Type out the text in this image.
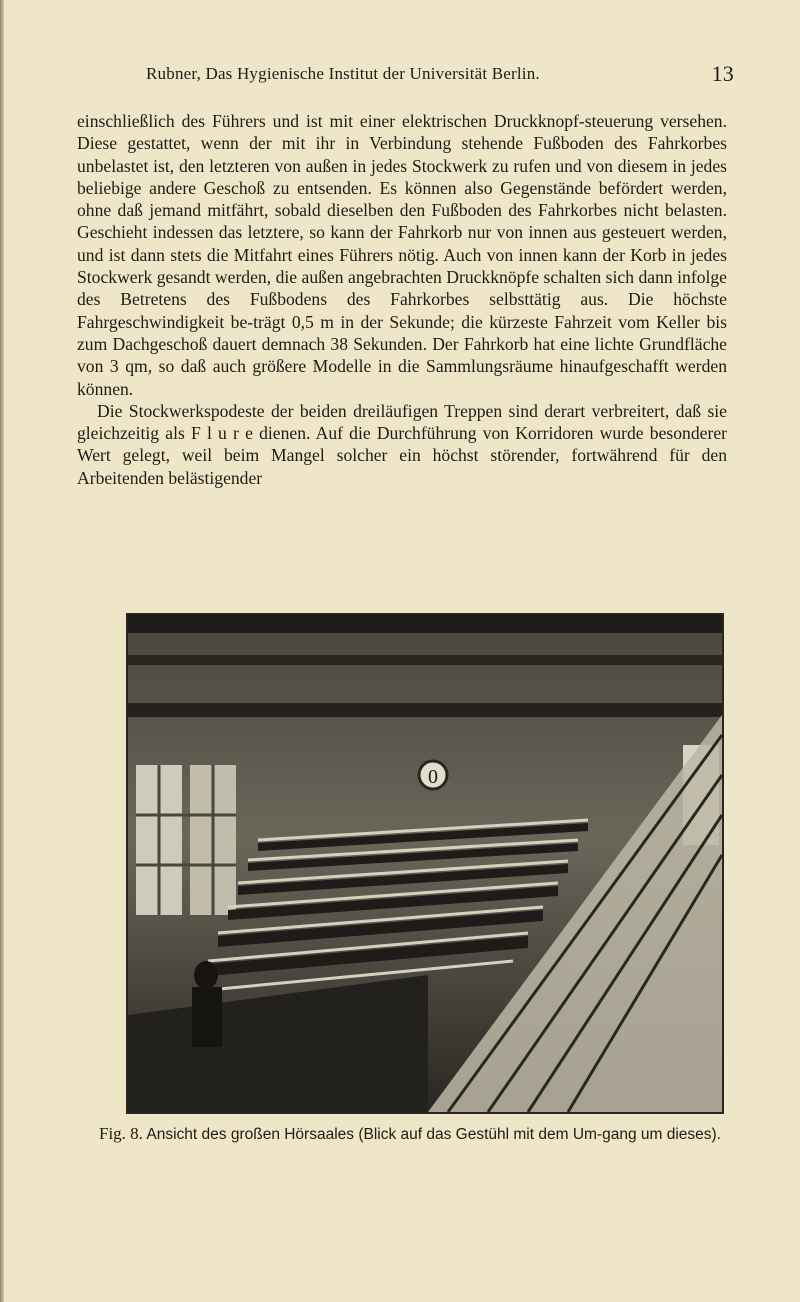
Rubner, Das Hygienische Institut der Universität Berlin.	13

einschließlich des Führers und ist mit einer elektrischen Druckknopf-steuerung versehen. Diese gestattet, wenn der mit ihr in Verbindung stehende Fußboden des Fahrkorbes unbelastet ist, den letzteren von außen in jedes Stockwerk zu rufen und von diesem in jedes beliebige andere Geschoß zu entsenden. Es können also Gegenstände befördert werden, ohne daß jemand mitfährt, sobald dieselben den Fußboden des Fahrkorbes nicht belasten. Geschieht indessen das letztere, so kann der Fahrkorb nur von innen aus gesteuert werden, und ist dann stets die Mitfahrt eines Führers nötig. Auch von innen kann der Korb in jedes Stockwerk gesandt werden, die außen angebrachten Druckknöpfe schalten sich dann infolge des Betretens des Fußbodens des Fahrkorbes selbsttätig aus. Die höchste Fahrgeschwindigkeit be-trägt 0,5 m in der Sekunde; die kürzeste Fahrzeit vom Keller bis zum Dachgeschoß dauert demnach 38 Sekunden. Der Fahrkorb hat eine lichte Grundfläche von 3 qm, so daß auch größere Modelle in die Sammlungsräume hinaufgeschafft werden können.

Die Stockwerkspodeste der beiden dreiläufigen Treppen sind derart verbreitert, daß sie gleichzeitig als F l u r e dienen. Auf die Durchführung von Korridoren wurde besonderer Wert gelegt, weil beim Mangel solcher ein höchst störender, fortwährend für den Arbeitenden belästigender

0
Fig. 8. Ansicht des großen Hörsaales (Blick auf das Gestühl mit dem Um-gang um dieses).
